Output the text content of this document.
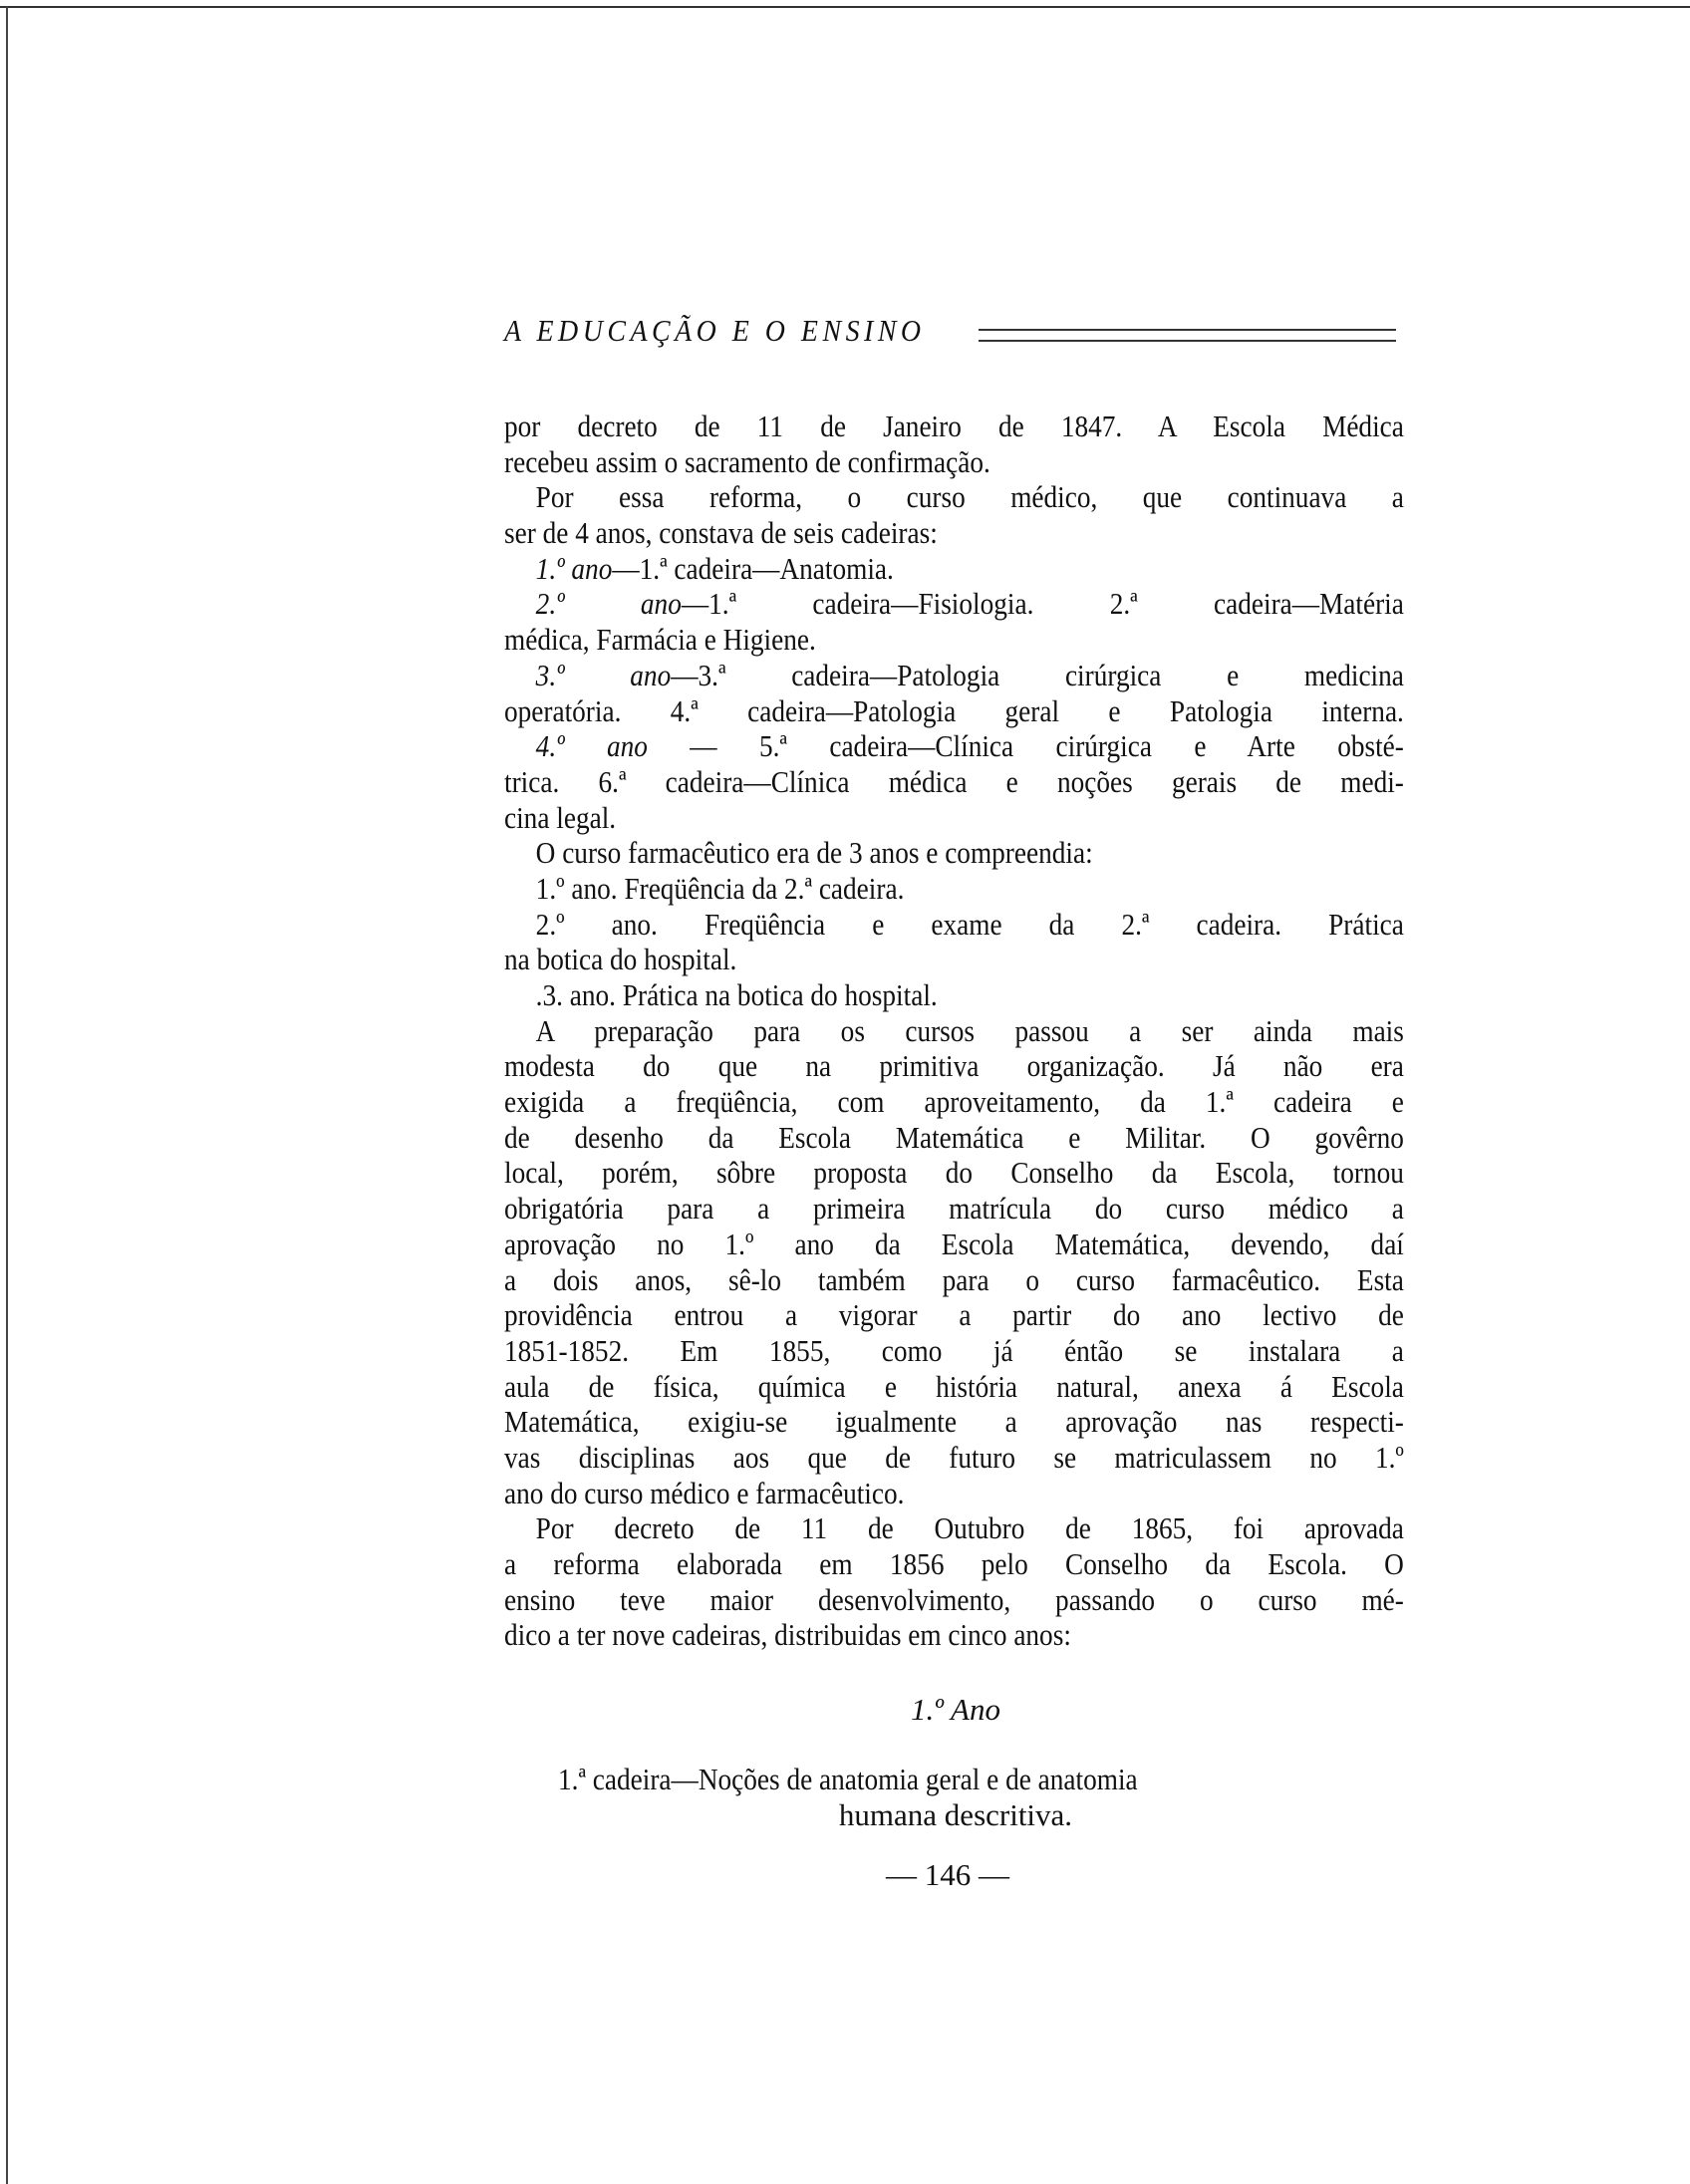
A EDUCAÇÃO E O ENSINO
por decreto de 11 de Janeiro de 1847. A Escola Médica
recebeu assim o sacramento de confirmação.
Por essa reforma, o curso médico, que continuava a
ser de 4 anos, constava de seis cadeiras:
1.º ano—1.ª cadeira—Anatomia.
2.º ano—1.ª cadeira—Fisiologia. 2.ª cadeira—Matéria
médica, Farmácia e Higiene.
3.º ano—3.ª cadeira—Patologia cirúrgica e medicina
operatória. 4.ª cadeira—Patologia geral e Patologia interna.
4.º ano — 5.ª cadeira—Clínica cirúrgica e Arte obsté-
trica. 6.ª cadeira—Clínica médica e noções gerais de medi-
cina legal.
O curso farmacêutico era de 3 anos e compreendia:
1.º ano. Freqüência da 2.ª cadeira.
2.º ano. Freqüência e exame da 2.ª cadeira. Prática
na botica do hospital.
.3. ano. Prática na botica do hospital.
A preparação para os cursos passou a ser ainda mais
modesta do que na primitiva organização. Já não era
exigida a freqüência, com aproveitamento, da 1.ª cadeira e
de desenho da Escola Matemática e Militar. O govêrno
local, porém, sôbre proposta do Conselho da Escola, tornou
obrigatória para a primeira matrícula do curso médico a
aprovação no 1.º ano da Escola Matemática, devendo, daí
a dois anos, sê-lo também para o curso farmacêutico. Esta
providência entrou a vigorar a partir do ano lectivo de
1851-1852. Em 1855, como já éntão se instalara a
aula de física, química e história natural, anexa á Escola
Matemática, exigiu-se igualmente a aprovação nas respecti-
vas disciplinas aos que de futuro se matriculassem no 1.º
ano do curso médico e farmacêutico.
Por decreto de 11 de Outubro de 1865, foi aprovada
a reforma elaborada em 1856 pelo Conselho da Escola. O
ensino teve maior desenvolvimento, passando o curso mé-
dico a ter nove cadeiras, distribuidas em cinco anos:
1.º Ano
1.ª cadeira—Noções de anatomia geral e de anatomia
humana descritiva.
— 146 —
